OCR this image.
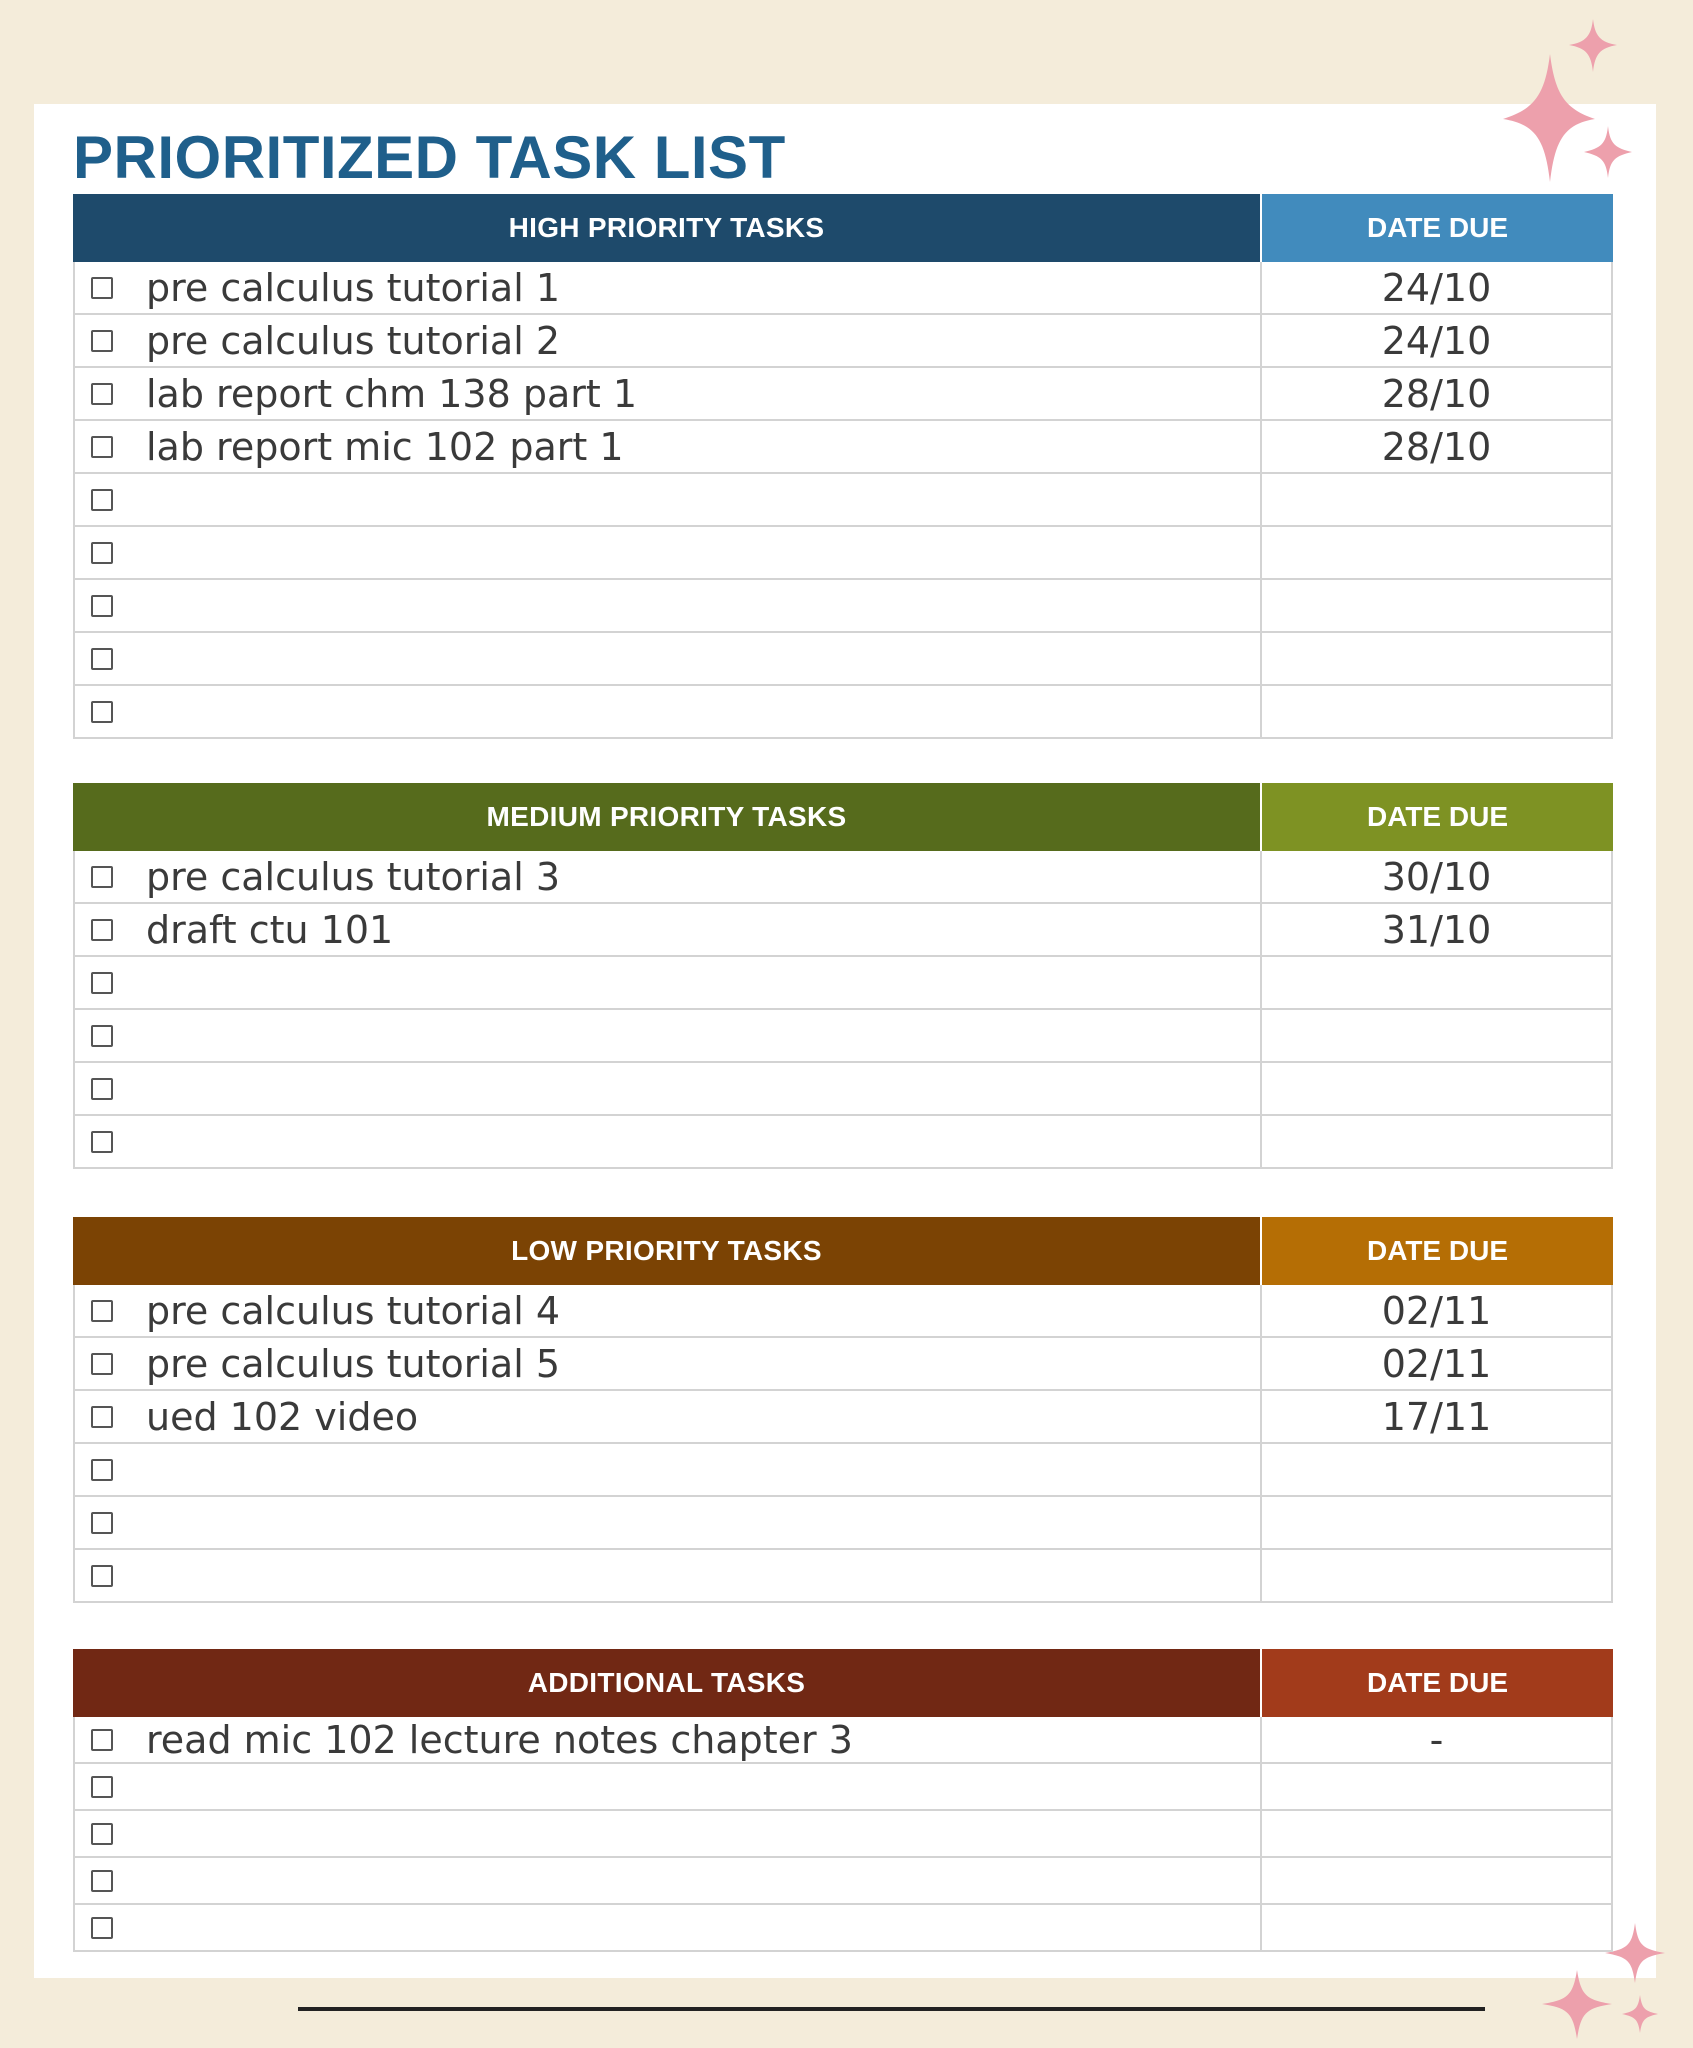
PRIORITIZED TASK LIST
HIGH PRIORITY TASKS	DATE DUE
pre calculus tutorial 1	24/10
pre calculus tutorial 2	24/10
lab report chm 138 part 1	28/10
lab report mic 102 part 1	28/10
MEDIUM PRIORITY TASKS	DATE DUE
pre calculus tutorial 3	30/10
draft ctu 101	31/10
LOW PRIORITY TASKS	DATE DUE
pre calculus tutorial 4	02/11
pre calculus tutorial 5	02/11
ued 102 video	17/11
ADDITIONAL TASKS	DATE DUE
read mic 102 lecture notes chapter 3	-
